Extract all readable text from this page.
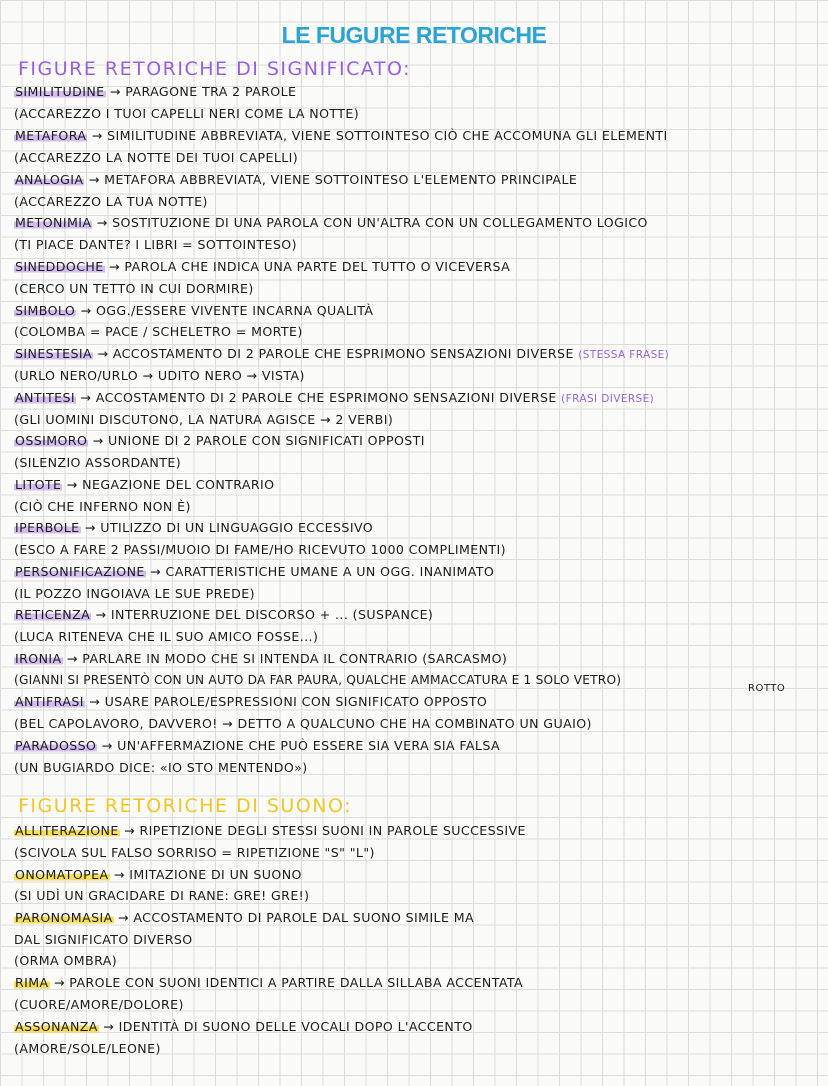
LE FUGURE RETORICHE
FIGURE RETORICHE DI SIGNIFICATO:
SIMILITUDINE → PARAGONE TRA 2 PAROLE
(ACCAREZZO I TUOI CAPELLI NERI COME LA NOTTE)
METAFORA → SIMILITUDINE ABBREVIATA, VIENE SOTTOINTESO CIÒ CHE ACCOMUNA GLI ELEMENTI
(ACCAREZZO LA NOTTE DEI TUOI CAPELLI)
ANALOGIA → METAFORA ABBREVIATA, VIENE SOTTOINTESO L'ELEMENTO PRINCIPALE
(ACCAREZZO LA TUA NOTTE)
METONIMIA → SOSTITUZIONE DI UNA PAROLA CON UN'ALTRA CON UN COLLEGAMENTO LOGICO
(TI PIACE DANTE? I LIBRI = SOTTOINTESO)
SINEDDOCHE → PAROLA CHE INDICA UNA PARTE DEL TUTTO O VICEVERSA
(CERCO UN TETTO IN CUI DORMIRE)
SIMBOLO → OGG./ESSERE VIVENTE INCARNA QUALITÀ
(COLOMBA = PACE / SCHELETRO = MORTE)
SINESTESIA → ACCOSTAMENTO DI 2 PAROLE CHE ESPRIMONO SENSAZIONI DIVERSE (STESSA FRASE)
(URLO NERO/URLO → UDITO NERO → VISTA)
ANTITESI → ACCOSTAMENTO DI 2 PAROLE CHE ESPRIMONO SENSAZIONI DIVERSE (FRASI DIVERSE)
(GLI UOMINI DISCUTONO, LA NATURA AGISCE → 2 VERBI)
OSSIMORO → UNIONE DI 2 PAROLE CON SIGNIFICATI OPPOSTI
(SILENZIO ASSORDANTE)
LITOTE → NEGAZIONE DEL CONTRARIO
(CIÒ CHE INFERNO NON È)
IPERBOLE → UTILIZZO DI UN LINGUAGGIO ECCESSIVO
(ESCO A FARE 2 PASSI/MUOIO DI FAME/HO RICEVUTO 1000 COMPLIMENTI)
PERSONIFICAZIONE → CARATTERISTICHE UMANE A UN OGG. INANIMATO
(IL POZZO INGOIAVA LE SUE PREDE)
RETICENZA → INTERRUZIONE DEL DISCORSO + ... (SUSPANCE)
(LUCA RITENEVA CHE IL SUO AMICO FOSSE...)
IRONIA → PARLARE IN MODO CHE SI INTENDA IL CONTRARIO (SARCASMO)
(GIANNI SI PRESENTÒ CON UN AUTO DA FAR PAURA, QUALCHE AMMACCATURA E 1 SOLO VETRO)
ROTTO
ANTIFRASI → USARE PAROLE/ESPRESSIONI CON SIGNIFICATO OPPOSTO
(BEL CAPOLAVORO, DAVVERO! → DETTO A QUALCUNO CHE HA COMBINATO UN GUAIO)
PARADOSSO → UN'AFFERMAZIONE CHE PUÒ ESSERE SIA VERA SIA FALSA
(UN BUGIARDO DICE: «IO STO MENTENDO»)
FIGURE RETORICHE DI SUONO:
ALLITERAZIONE → RIPETIZIONE DEGLI STESSI SUONI IN PAROLE SUCCESSIVE
(SCIVOLA SUL FALSO SORRISO = RIPETIZIONE "S" "L")
ONOMATOPEA → IMITAZIONE DI UN SUONO
(SI UDÌ UN GRACIDARE DI RANE: GRE! GRE!)
PARONOMASIA → ACCOSTAMENTO DI PAROLE DAL SUONO SIMILE MA
DAL SIGNIFICATO DIVERSO
(ORMA OMBRA)
RIMA → PAROLE CON SUONI IDENTICI A PARTIRE DALLA SILLABA ACCENTATA
(CUORE/AMORE/DOLORE)
ASSONANZA → IDENTITÀ DI SUONO DELLE VOCALI DOPO L'ACCENTO
(AMORE/SOLE/LEONE)
